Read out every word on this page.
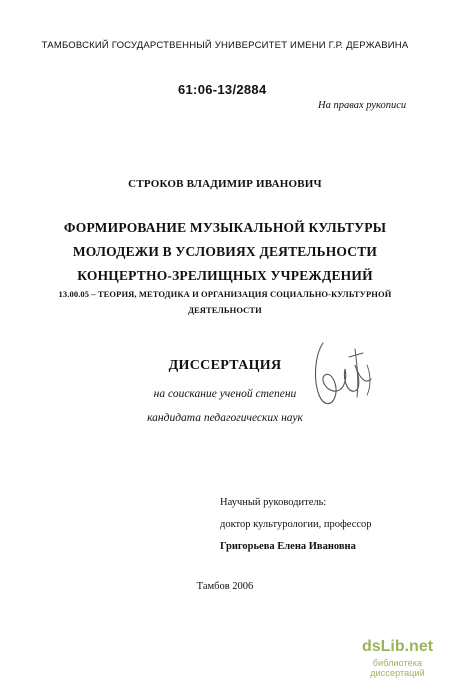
ТАМБОВСКИЙ ГОСУДАРСТВЕННЫЙ УНИВЕРСИТЕТ ИМЕНИ Г.Р. ДЕРЖАВИНА
61:06-13/2884
На правах рукописи
СТРОКОВ ВЛАДИМИР ИВАНОВИЧ
ФОРМИРОВАНИЕ МУЗЫКАЛЬНОЙ КУЛЬТУРЫ
МОЛОДЕЖИ В УСЛОВИЯХ ДЕЯТЕЛЬНОСТИ
КОНЦЕРТНО-ЗРЕЛИЩНЫХ УЧРЕЖДЕНИЙ
13.00.05 – ТЕОРИЯ, МЕТОДИКА И ОРГАНИЗАЦИЯ СОЦИАЛЬНО-КУЛЬТУРНОЙ
ДЕЯТЕЛЬНОСТИ
ДИССЕРТАЦИЯ
на соискание ученой степени
кандидата педагогических наук
Научный руководитель:
доктор культурологии, профессор
Григорьева Елена Ивановна
Тамбов 2006
dsLib.net
библиотека диссертаций
